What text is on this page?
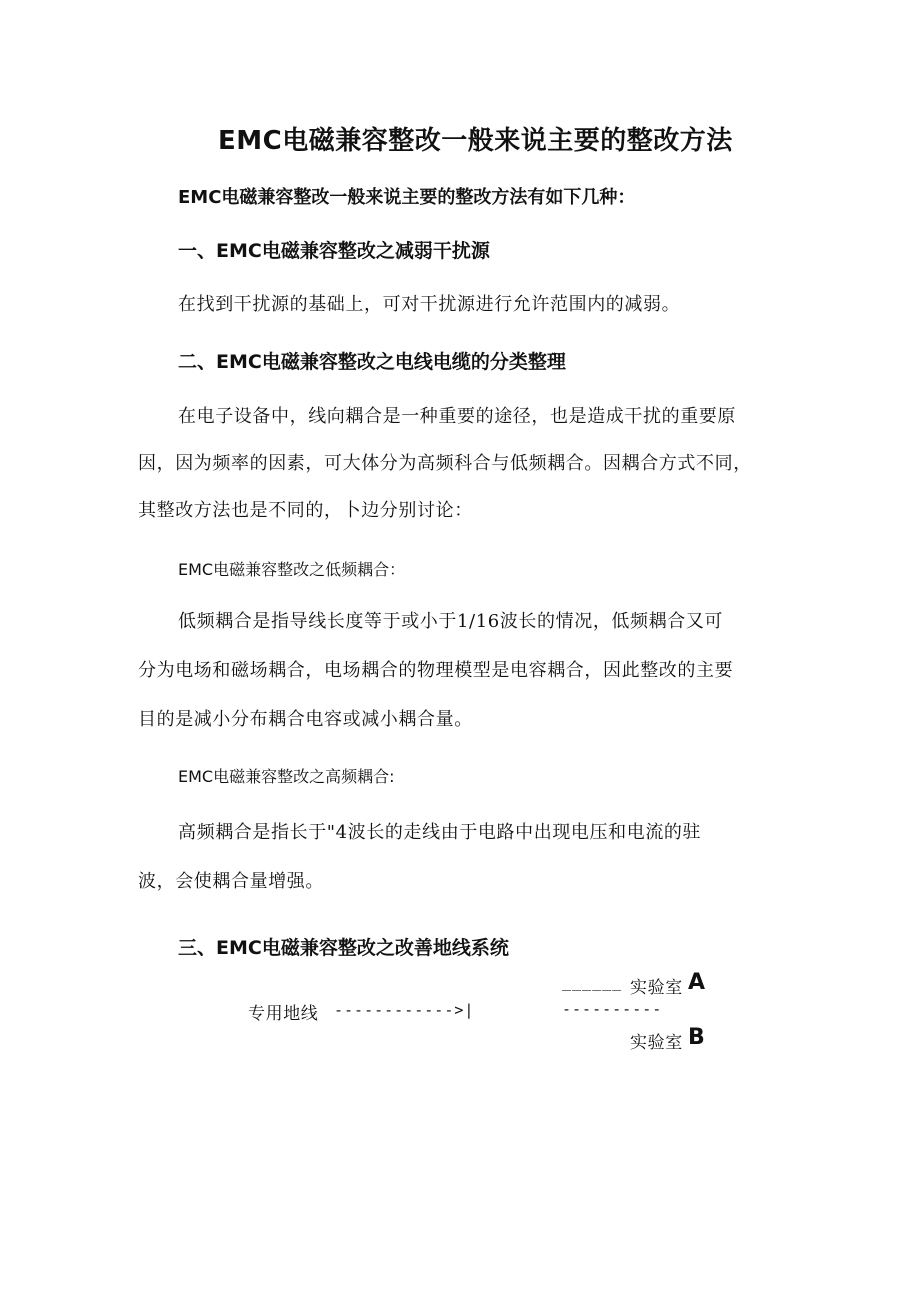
EMC电磁兼容整改一般来说主要的整改方法
EMC电磁兼容整改一般来说主要的整改方法有如下几种：
一、EMC电磁兼容整改之减弱干扰源
在找到干扰源的基础上，可对干扰源进行允许范围内的减弱。
二、EMC电磁兼容整改之电线电缆的分类整理
在电子设备中，线向耦合是一种重要的途径，也是造成干扰的重要原
因，因为频率的因素，可大体分为高频科合与低频耦合。因耦合方式不同，
其整改方法也是不同的，卜边分别讨论：
EMC电磁兼容整改之低频耦合：
低频耦合是指导线长度等于或小于1/16波长的情况，低频耦合又可
分为电场和磁场耦合，电场耦合的物理模型是电容耦合，因此整改的主要
目的是减小分布耦合电容或减小耦合量。
EMC电磁兼容整改之高频耦合:
高频耦合是指长于"4波长的走线由于电路中出现电压和电流的驻
波，会使耦合量增强。
三、EMC电磁兼容整改之改善地线系统
专用地线 ------------>|
______ 实验室 A
----------
实验室 B
